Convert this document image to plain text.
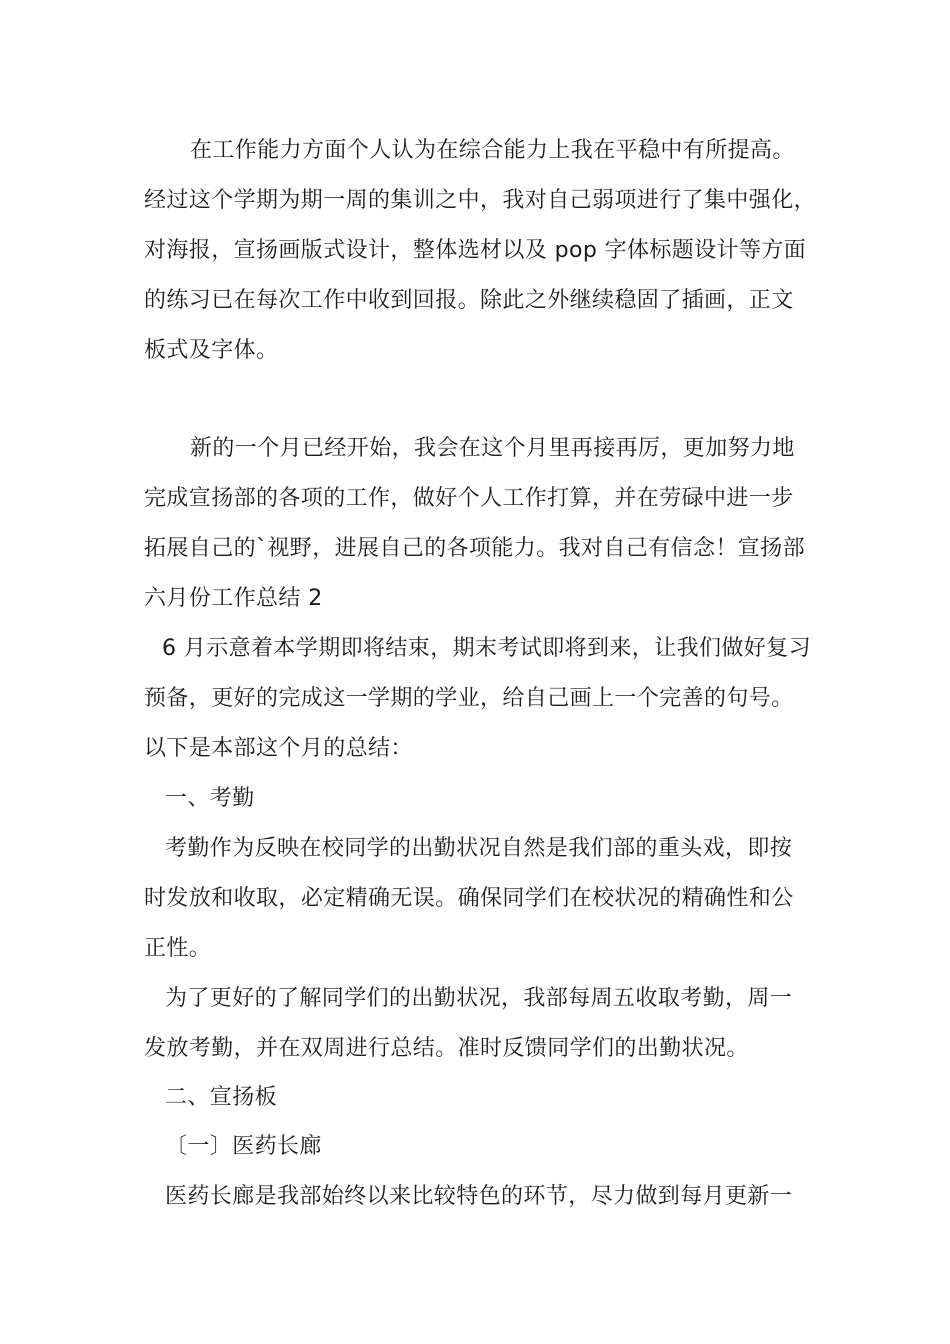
在工作能力方面个人认为在综合能力上我在平稳中有所提高。
经过这个学期为期一周的集训之中，我对自己弱项进行了集中强化，
对海报，宣扬画版式设计，整体选材以及 pop 字体标题设计等方面
的练习已在每次工作中收到回报。除此之外继续稳固了插画，正文
板式及字体。
新的一个月已经开始，我会在这个月里再接再厉，更加努力地
完成宣扬部的各项的工作，做好个人工作打算，并在劳碌中进一步
拓展自己的`视野，进展自己的各项能力。我对自己有信念！宣扬部
六月份工作总结 2
6 月示意着本学期即将结束，期末考试即将到来，让我们做好复习
预备，更好的完成这一学期的学业，给自己画上一个完善的句号。
以下是本部这个月的总结：
一、考勤
考勤作为反映在校同学的出勤状况自然是我们部的重头戏，即按
时发放和收取，必定精确无误。确保同学们在校状况的精确性和公
正性。
为了更好的了解同学们的出勤状况，我部每周五收取考勤，周一
发放考勤，并在双周进行总结。准时反馈同学们的出勤状况。
二、宣扬板
〔一〕医药长廊
医药长廊是我部始终以来比较特色的环节，尽力做到每月更新一
